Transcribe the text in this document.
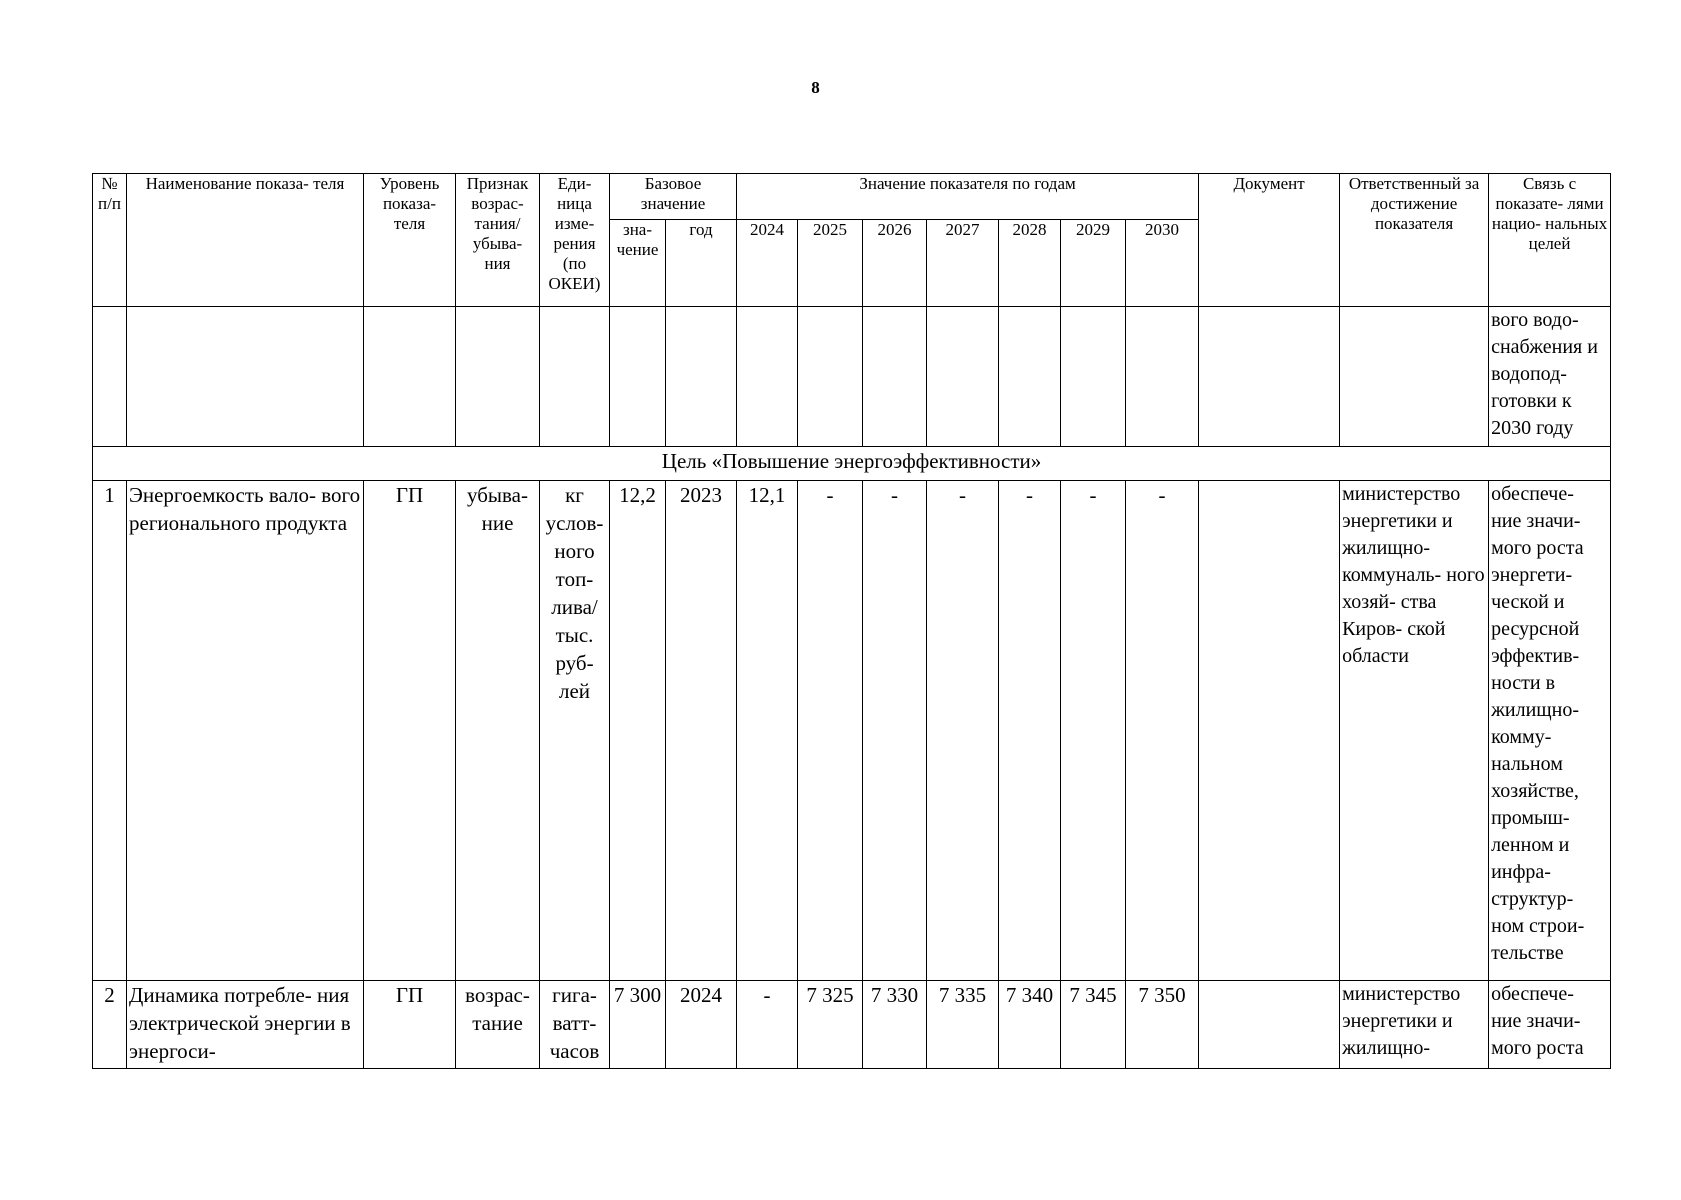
8
№ п/п	Наименование показа- теля	Уровень показа- теля	Признак возрас- тания/ убыва- ния	Еди- ница изме- рения (по ОКЕИ)	Базовое значение		Значение показателя по годам							Документ	Ответственный за достижение показателя	Связь с показате- лями нацио- нальных целей
					зна- чение	год	2024	2025	2026	2027	2028	2029	2030			
																вого водо- снабжения и водопод- готовки к 2030 году
Цель «Повышение энергоэффективности»																
1	Энергоемкость вало- вого регионального продукта	ГП	убыва- ние	кг услов- ного топ- лива/ тыс. руб- лей	12,2	2023	12,1	-	-	-	-	-	-		министерство энергетики и жилищно- коммуналь- ного хозяй- ства Киров- ской области	обеспече- ние значи- мого роста энергети- ческой и ресурсной эффектив- ности в жилищно- комму- нальном хозяйстве, промыш- ленном и инфра- структур- ном строи- тельстве
2	Динамика потребле- ния электрической энергии в энергоси-	ГП	возрас- тание	гига- ватт- часов	7 300	2024	-	7 325	7 330	7 335	7 340	7 345	7 350		министерство энергетики и жилищно-	обеспече- ние значи- мого роста
